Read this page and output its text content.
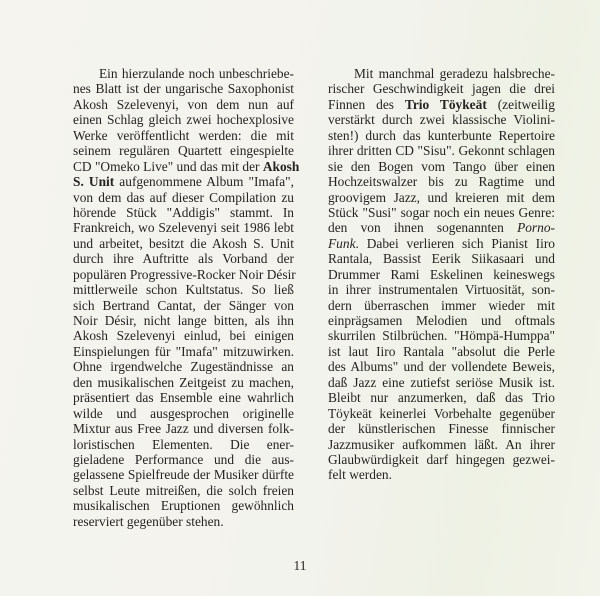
Ein hierzulande noch unbeschriebe-
nes Blatt ist der ungarische Saxophonist
Akosh Szelevenyi, von dem nun auf
einen Schlag gleich zwei hochexplosive
Werke veröffentlicht werden: die mit
seinem regulären Quartett eingespielte
CD "Omeko Live" und das mit der Akosh
S. Unit aufgenommene Album "Imafa",
von dem das auf dieser Compilation zu
hörende Stück "Addigis" stammt. In
Frankreich, wo Szelevenyi seit 1986 lebt
und arbeitet, besitzt die Akosh S. Unit
durch ihre Auftritte als Vorband der
populären Progressive-Rocker Noir Désir
mittlerweile schon Kultstatus. So ließ
sich Bertrand Cantat, der Sänger von
Noir Désir, nicht lange bitten, als ihn
Akosh Szelevenyi einlud, bei einigen
Einspielungen für "Imafa" mitzuwirken.
Ohne irgendwelche Zugeständnisse an
den musikalischen Zeitgeist zu machen,
präsentiert das Ensemble eine wahrlich
wilde und ausgesprochen originelle
Mixtur aus Free Jazz und diversen folk-
loristischen Elementen. Die ener-
gieladene Performance und die aus-
gelassene Spielfreude der Musiker dürfte
selbst Leute mitreißen, die solch freien
musikalischen Eruptionen gewöhnlich
reserviert gegenüber stehen.
Mit manchmal geradezu halsbreche-
rischer Geschwindigkeit jagen die drei
Finnen des Trio Töykeät (zeitweilig
verstärkt durch zwei klassische Violini-
sten!) durch das kunterbunte Repertoire
ihrer dritten CD "Sisu". Gekonnt schlagen
sie den Bogen vom Tango über einen
Hochzeitswalzer bis zu Ragtime und
groovigem Jazz, und kreieren mit dem
Stück "Susi" sogar noch ein neues Genre:
den von ihnen sogenannten Porno-
Funk. Dabei verlieren sich Pianist Iiro
Rantala, Bassist Eerik Siikasaari und
Drummer Rami Eskelinen keineswegs
in ihrer instrumentalen Virtuosität, son-
dern überraschen immer wieder mit
einprägsamen Melodien und oftmals
skurrilen Stilbrüchen. "Hömpä-Humppa"
ist laut Iiro Rantala "absolut die Perle
des Albums" und der vollendete Beweis,
daß Jazz eine zutiefst seriöse Musik ist.
Bleibt nur anzumerken, daß das Trio
Töykeät keinerlei Vorbehalte gegenüber
der künstlerischen Finesse finnischer
Jazzmusiker aufkommen läßt. An ihrer
Glaubwürdigkeit darf hingegen gezwei-
felt werden.
11
